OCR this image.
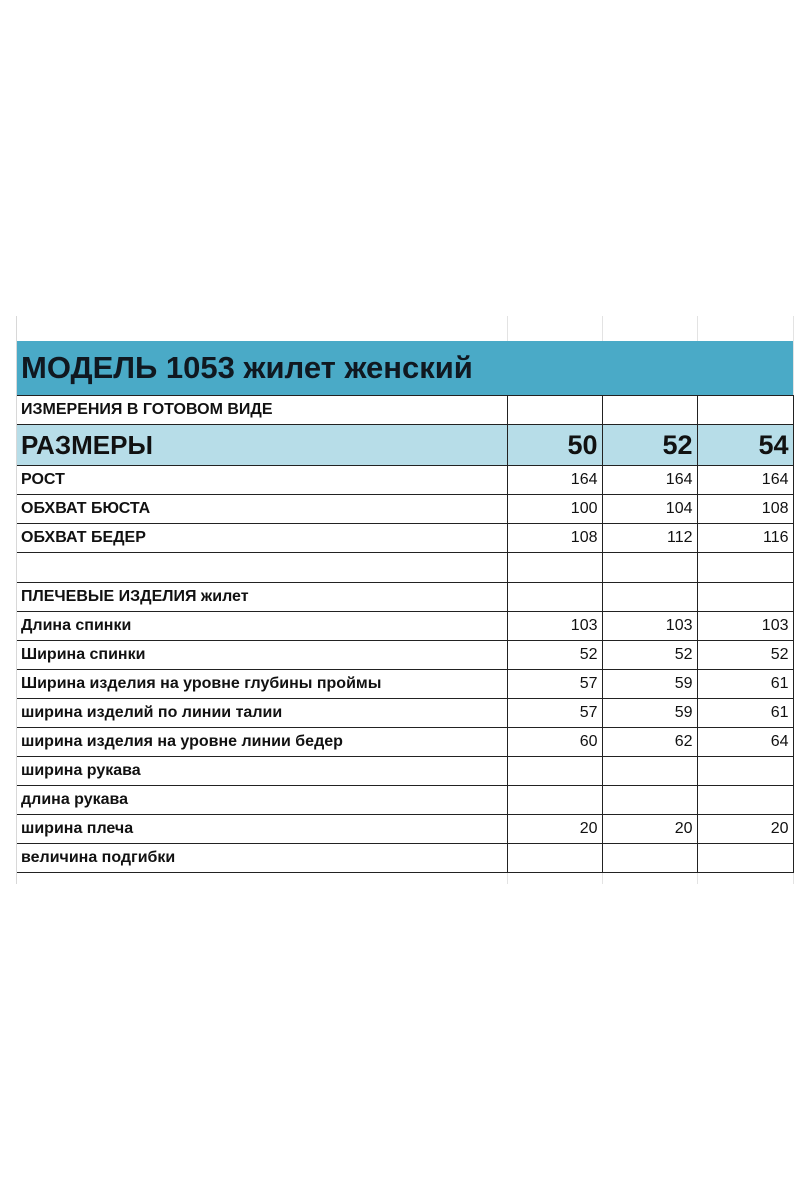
МОДЕЛЬ 1053 жилет женский			
ИЗМЕРЕНИЯ В ГОТОВОМ ВИДЕ			
РАЗМЕРЫ	50	52	54
РОСТ	164	164	164
ОБХВАТ БЮСТА	100	104	108
ОБХВАТ БЕДЕР	108	112	116

ПЛЕЧЕВЫЕ ИЗДЕЛИЯ жилет			
Длина спинки	103	103	103
Ширина спинки	52	52	52
Ширина изделия на уровне глубины проймы	57	59	61
ширина изделий по линии талии	57	59	61
ширина изделия на уровне линии бедер	60	62	64
ширина рукава			
длина рукава			
ширина плеча	20	20	20
величина подгибки			
